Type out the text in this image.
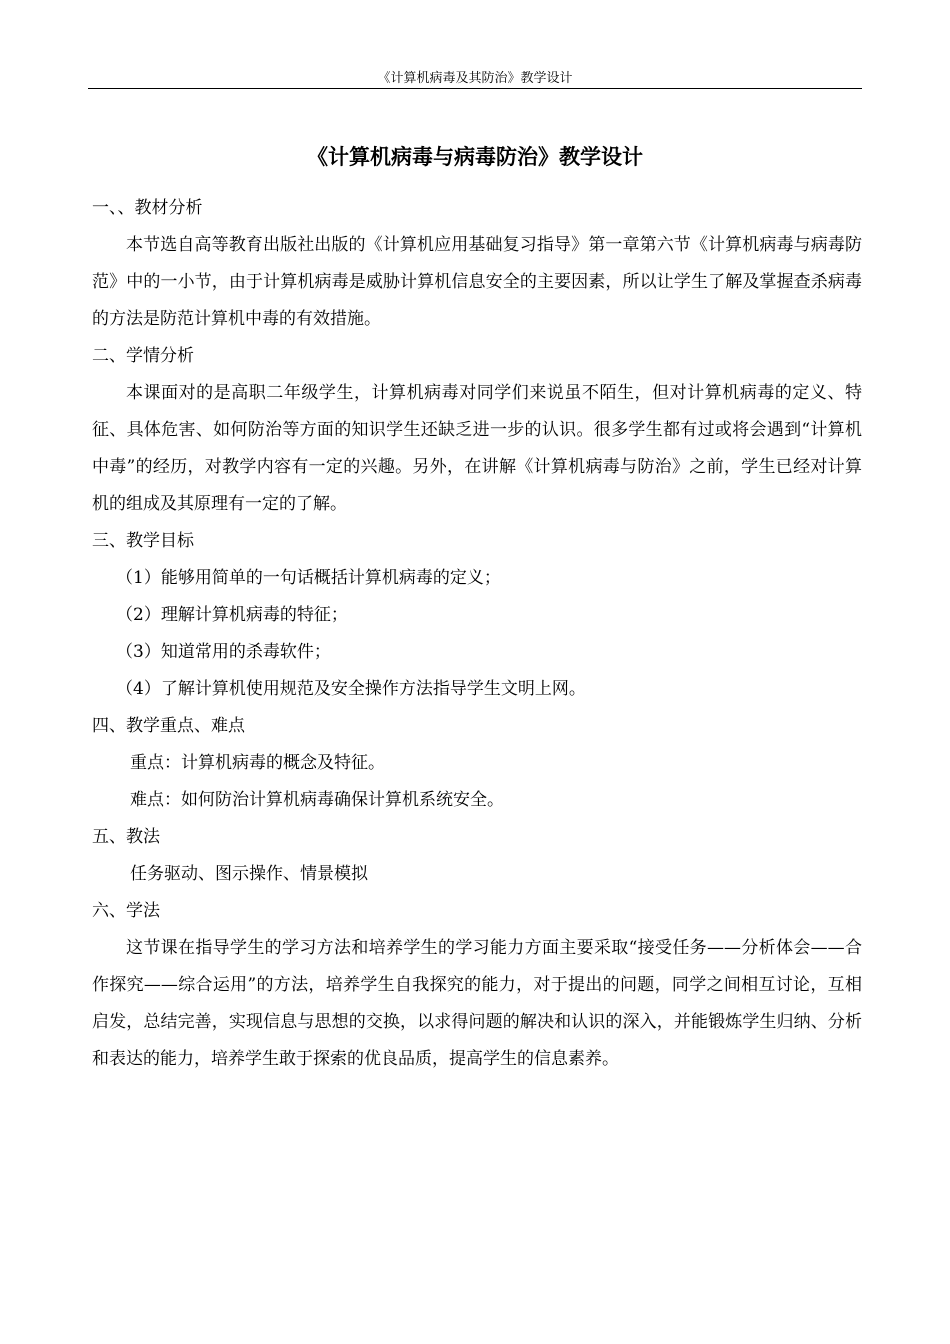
《计算机病毒及其防治》教学设计
《计算机病毒与病毒防治》教学设计
一、、教材分析
本节选自高等教育出版社出版的《计算机应用基础复习指导》第一章第六节《计算机病毒与病毒防范》中的一小节，由于计算机病毒是威胁计算机信息安全的主要因素，所以让学生了解及掌握查杀病毒的方法是防范计算机中毒的有效措施。
二、学情分析
本课面对的是高职二年级学生，计算机病毒对同学们来说虽不陌生，但对计算机病毒的定义、特征、具体危害、如何防治等方面的知识学生还缺乏进一步的认识。很多学生都有过或将会遇到“计算机中毒”的经历，对教学内容有一定的兴趣。另外，在讲解《计算机病毒与防治》之前，学生已经对计算机的组成及其原理有一定的了解。
三、教学目标
（1）能够用简单的一句话概括计算机病毒的定义；
（2）理解计算机病毒的特征；
（3）知道常用的杀毒软件；
（4）了解计算机使用规范及安全操作方法指导学生文明上网。
四、教学重点、难点
重点：计算机病毒的概念及特征。
难点：如何防治计算机病毒确保计算机系统安全。
五、教法
任务驱动、图示操作、情景模拟
六、学法
这节课在指导学生的学习方法和培养学生的学习能力方面主要采取“接受任务——分析体会——合作探究——综合运用”的方法，培养学生自我探究的能力，对于提出的问题，同学之间相互讨论，互相启发，总结完善，实现信息与思想的交换，以求得问题的解决和认识的深入，并能锻炼学生归纳、分析和表达的能力，培养学生敢于探索的优良品质，提高学生的信息素养。
